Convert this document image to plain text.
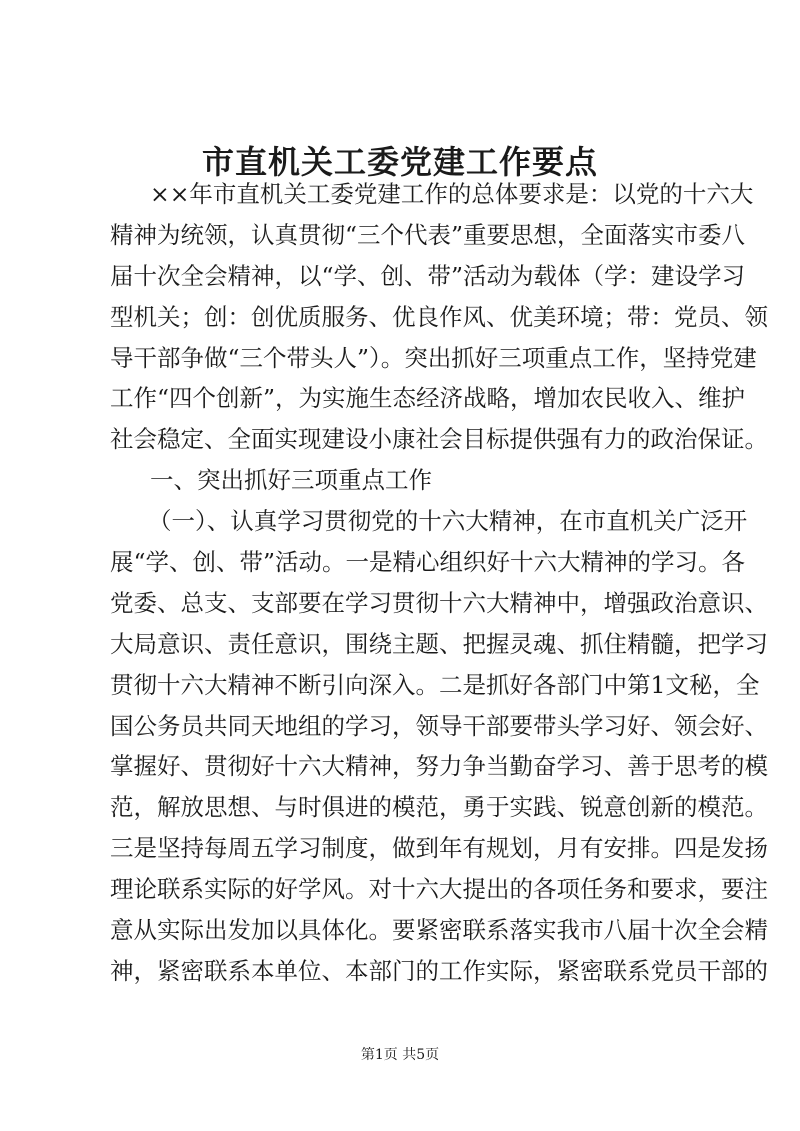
市直机关工委党建工作要点
××年市直机关工委党建工作的总体要求是：以党的十六大
精神为统领，认真贯彻“三个代表”重要思想，全面落实市委八
届十次全会精神，以“学、创、带”活动为载体（学：建设学习
型机关；创：创优质服务、优良作风、优美环境；带：党员、领
导干部争做“三个带头人”）。突出抓好三项重点工作，坚持党建
工作“四个创新”，为实施生态经济战略，增加农民收入、维护
社会稳定、全面实现建设小康社会目标提供强有力的政治保证。
一、突出抓好三项重点工作
（一）、认真学习贯彻党的十六大精神，在市直机关广泛开
展“学、创、带”活动。一是精心组织好十六大精神的学习。各
党委、总支、支部要在学习贯彻十六大精神中，增强政治意识、
大局意识、责任意识，围绕主题、把握灵魂、抓住精髓，把学习
贯彻十六大精神不断引向深入。二是抓好各部门中第1文秘，全
国公务员共同天地组的学习，领导干部要带头学习好、领会好、
掌握好、贯彻好十六大精神，努力争当勤奋学习、善于思考的模
范，解放思想、与时俱进的模范，勇于实践、锐意创新的模范。
三是坚持每周五学习制度，做到年有规划，月有安排。四是发扬
理论联系实际的好学风。对十六大提出的各项任务和要求，要注
意从实际出发加以具体化。要紧密联系落实我市八届十次全会精
神，紧密联系本单位、本部门的工作实际，紧密联系党员干部的
第1页 共5页
